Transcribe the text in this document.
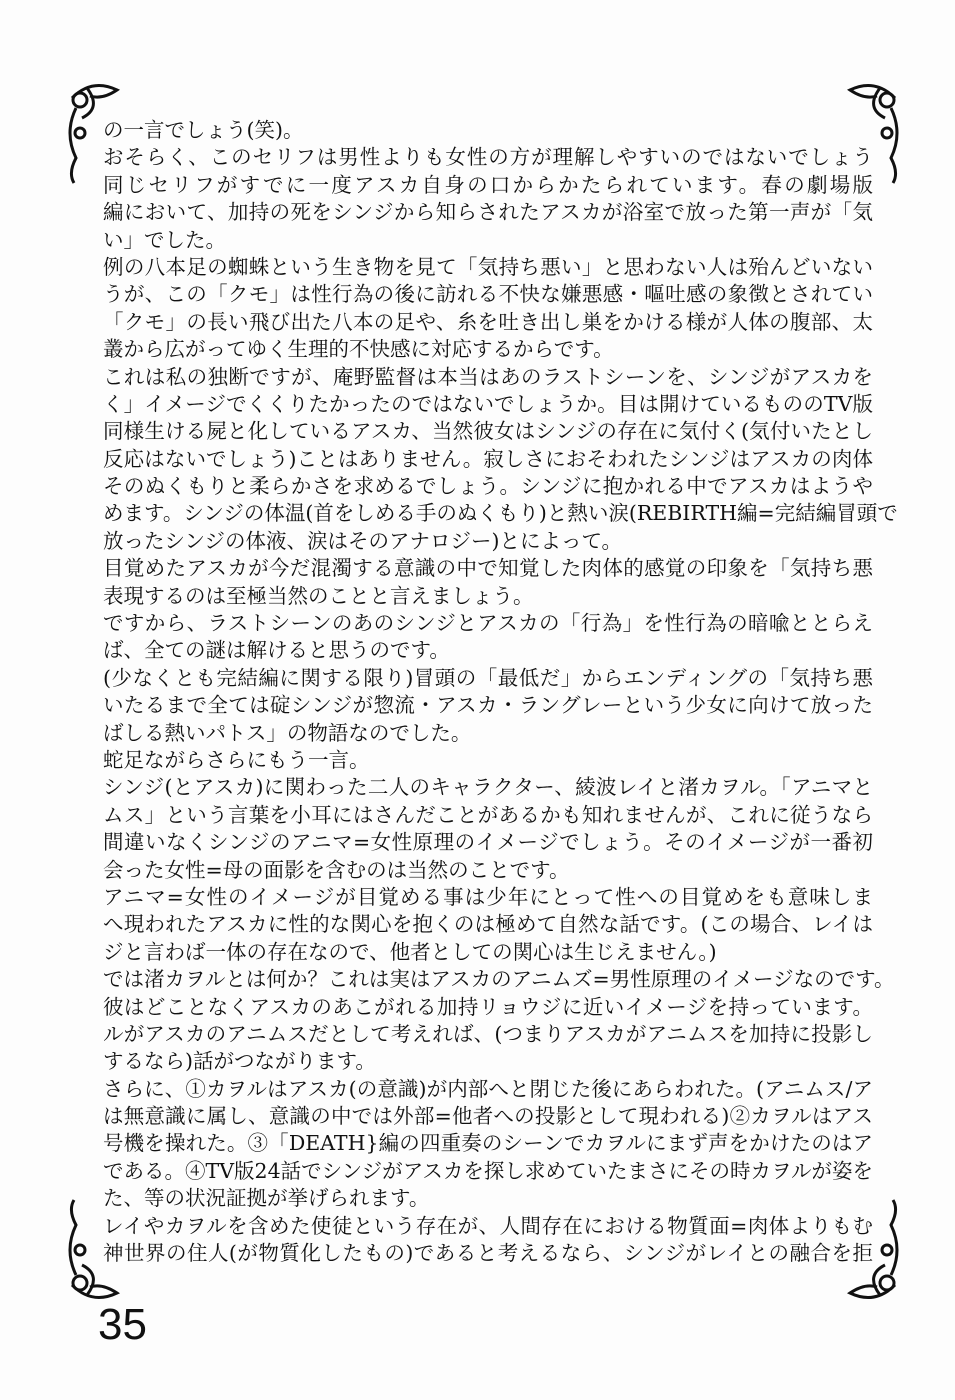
の一言でしょう(笑)。
おそらく、このセリフは男性よりも女性の方が理解しやすいのではないでしょう
同じセリフがすでに一度アスカ自身の口からかたられています。春の劇場版
編において、加持の死をシンジから知らされたアスカが浴室で放った第一声が「気
い」でした。
例の八本足の蜘蛛という生き物を見て「気持ち悪い」と思わない人は殆んどいない
うが、この「クモ」は性行為の後に訪れる不快な嫌悪感・嘔吐感の象徴とされてい
「クモ」の長い飛び出た八本の足や、糸を吐き出し巣をかける様が人体の腹部、太
叢から広がってゆく生理的不快感に対応するからです。
これは私の独断ですが、庵野監督は本当はあのラストシーンを、シンジがアスカを
く」イメージでくくりたかったのではないでしょうか。目は開けているもののTV版
同様生ける屍と化しているアスカ、当然彼女はシンジの存在に気付く(気付いたとし
反応はないでしょう)ことはありません。寂しさにおそわれたシンジはアスカの肉体
そのぬくもりと柔らかさを求めるでしょう。シンジに抱かれる中でアスカはようや
めます。シンジの体温(首をしめる手のぬくもり)と熱い涙(REBIRTH編=完結編冒頭で
放ったシンジの体液、涙はそのアナロジー)とによって。
目覚めたアスカが今だ混濁する意識の中で知覚した肉体的感覚の印象を「気持ち悪
表現するのは至極当然のことと言えましょう。
ですから、ラストシーンのあのシンジとアスカの「行為」を性行為の暗喩ととらえ
ば、全ての謎は解けると思うのです。
(少なくとも完結編に関する限り)冒頭の「最低だ」からエンディングの「気持ち悪
いたるまで全ては碇シンジが惣流・アスカ・ラングレーという少女に向けて放った
ばしる熱いパトス」の物語なのでした。
蛇足ながらさらにもう一言。
シンジ(とアスカ)に関わった二人のキャラクター、綾波レイと渚カヲル。「アニマと
ムス」という言葉を小耳にはさんだことがあるかも知れませんが、これに従うなら
間違いなくシンジのアニマ=女性原理のイメージでしょう。そのイメージが一番初
会った女性=母の面影を含むのは当然のことです。
アニマ=女性のイメージが目覚める事は少年にとって性への目覚めをも意味しま
へ現われたアスカに性的な関心を抱くのは極めて自然な話です。(この場合、レイは
ジと言わば一体の存在なので、他者としての関心は生じえません。)
では渚カヲルとは何か？これは実はアスカのアニムズ=男性原理のイメージなのです。
彼はどことなくアスカのあこがれる加持リョウジに近いイメージを持っています。
ルがアスカのアニムスだとして考えれば、(つまりアスカがアニムスを加持に投影し
するなら)話がつながります。
さらに、①カヲルはアスカ(の意識)が内部へと閉じた後にあらわれた。(アニムス/ア
は無意識に属し、意識の中では外部=他者への投影として現われる)②カヲルはアス
号機を操れた。③「DEATH}編の四重奏のシーンでカヲルにまず声をかけたのはア
である。④TV版24話でシンジがアスカを探し求めていたまさにその時カヲルが姿を
た、等の状況証拠が挙げられます。
レイやカヲルを含めた使徒という存在が、人間存在における物質面=肉体よりもむ
神世界の住人(が物質化したもの)であると考えるなら、シンジがレイとの融合を拒
35
